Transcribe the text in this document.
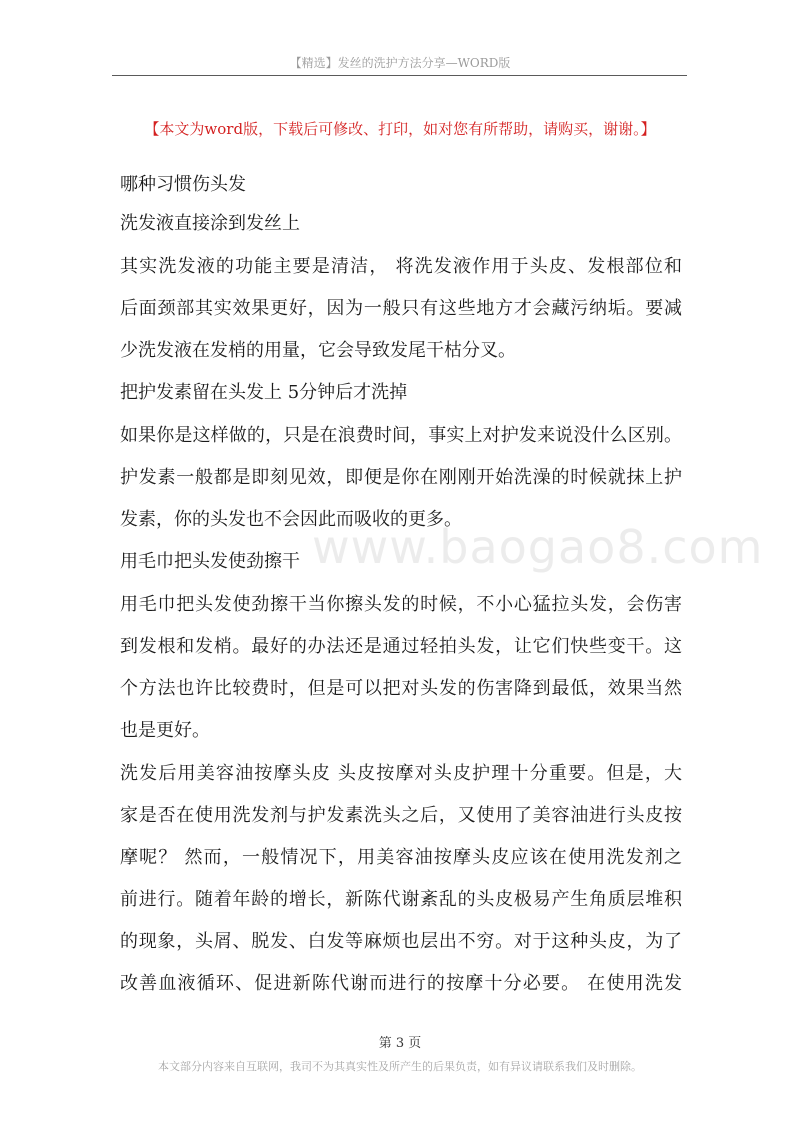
【精选】发丝的洗护方法分享—WORD版
【本文为word版，下载后可修改、打印，如对您有所帮助，请购买，谢谢。】
www.baogao8.com
哪种习惯伤头发
洗发液直接涂到发丝上
其实洗发液的功能主要是清洁， 将洗发液作用于头皮、发根部位和
后面颈部其实效果更好，因为一般只有这些地方才会藏污纳垢。要减
少洗发液在发梢的用量，它会导致发尾干枯分叉。
把护发素留在头发上 5分钟后才洗掉
如果你是这样做的，只是在浪费时间，事实上对护发来说没什么区别。
护发素一般都是即刻见效，即便是你在刚刚开始洗澡的时候就抹上护
发素，你的头发也不会因此而吸收的更多。
用毛巾把头发使劲擦干
用毛巾把头发使劲擦干当你擦头发的时候，不小心猛拉头发，会伤害
到发根和发梢。最好的办法还是通过轻拍头发，让它们快些变干。这
个方法也许比较费时，但是可以把对头发的伤害降到最低，效果当然
也是更好。
洗发后用美容油按摩头皮 头皮按摩对头皮护理十分重要。但是，大
家是否在使用洗发剂与护发素洗头之后，又使用了美容油进行头皮按
摩呢？ 然而，一般情况下，用美容油按摩头皮应该在使用洗发剂之
前进行。随着年龄的增长，新陈代谢紊乱的头皮极易产生角质层堆积
的现象，头屑、脱发、白发等麻烦也层出不穷。对于这种头皮，为了
改善血液循环、促进新陈代谢而进行的按摩十分必要。 在使用洗发
第 3 页
本文部分内容来自互联网，我司不为其真实性及所产生的后果负责，如有异议请联系我们及时删除。
